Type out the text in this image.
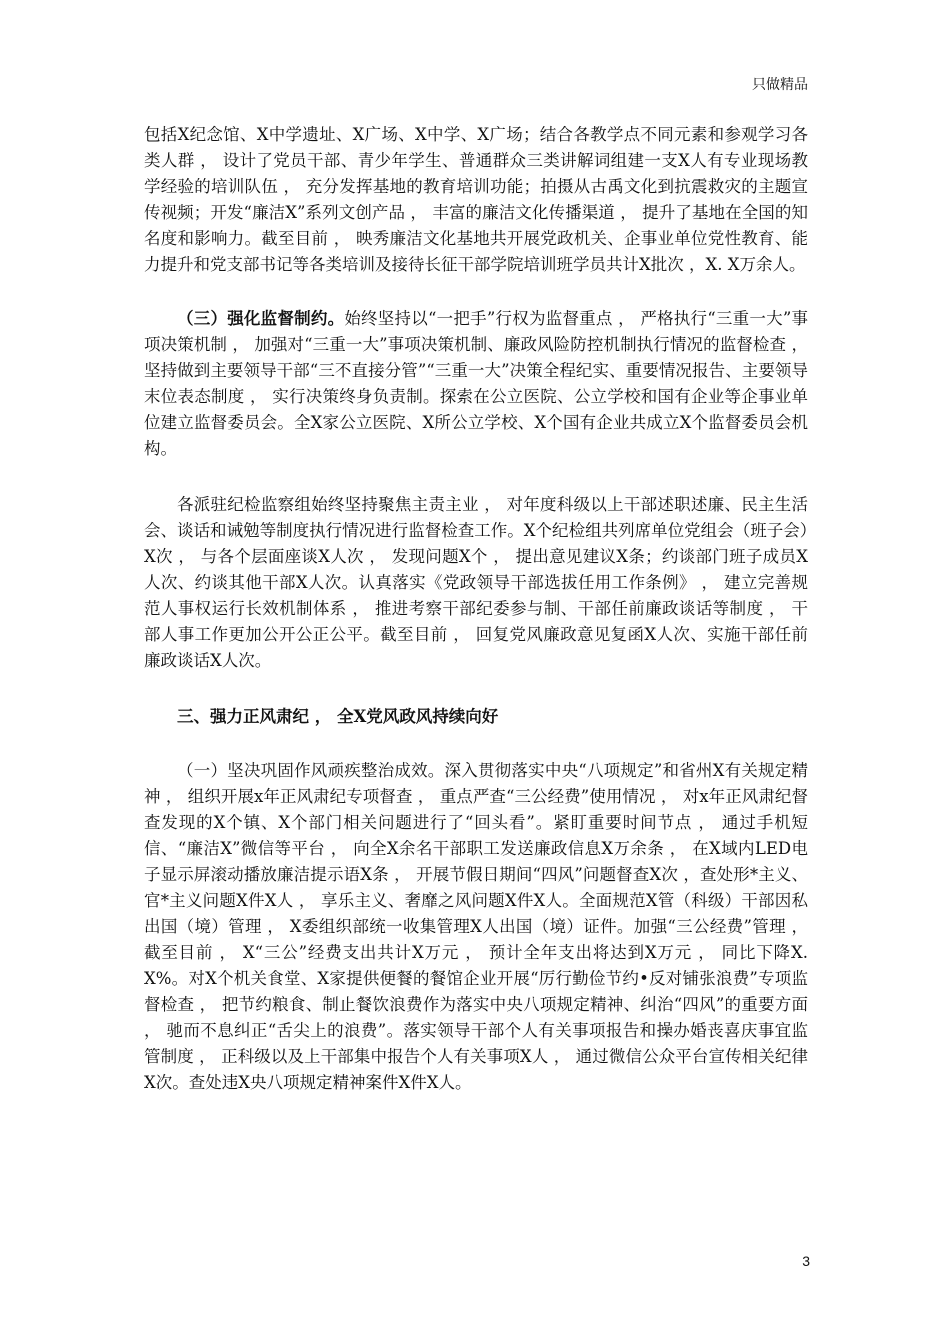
只做精品

包括X纪念馆、X中学遗址、X广场、X中学、X广场；结合各教学点不同元素和参观学习各类人群 ， 设计了党员干部、青少年学生、普通群众三类讲解词组建一支X人有专业现场教学经验的培训队伍 ， 充分发挥基地的教育培训功能；拍摄从古禹文化到抗震救灾的主题宣传视频；开发“廉洁X”系列文创产品 ， 丰富的廉洁文化传播渠道 ， 提升了基地在全国的知名度和影响力。截至目前 ， 映秀廉洁文化基地共开展党政机关、企事业单位党性教育、能力提升和党支部书记等各类培训及接待长征干部学院培训班学员共计X批次 ，X. X万余人。

（三）强化监督制约。始终坚持以“一把手”行权为监督重点 ， 严格执行“三重一大”事项决策机制 ， 加强对“三重一大”事项决策机制、廉政风险防控机制执行情况的监督检查 ， 坚持做到主要领导干部“三不直接分管”“三重一大”决策全程纪实、重要情况报告、主要领导末位表态制度 ， 实行决策终身负责制。探索在公立医院、公立学校和国有企业等企事业单位建立监督委员会。全X家公立医院、X所公立学校、X个国有企业共成立X个监督委员会机构。

各派驻纪检监察组始终坚持聚焦主责主业 ， 对年度科级以上干部述职述廉、民主生活会、谈话和诫勉等制度执行情况进行监督检查工作。X个纪检组共列席单位党组会（班子会）X次 ， 与各个层面座谈X人次 ， 发现问题X个 ， 提出意见建议X条；约谈部门班子成员X人次、约谈其他干部X人次。认真落实《党政领导干部选拔任用工作条例》 ， 建立完善规范人事权运行长效机制体系 ， 推进考察干部纪委参与制、干部任前廉政谈话等制度 ， 干部人事工作更加公开公正公平。截至目前 ， 回复党风廉政意见复函X人次、实施干部任前廉政谈话X人次。

三、强力正风肃纪 ， 全X党风政风持续向好

（一）坚决巩固作风顽疾整治成效。深入贯彻落实中央“八项规定”和省州X有关规定精神 ， 组织开展x年正风肃纪专项督查 ， 重点严查“三公经费”使用情况 ， 对x年正风肃纪督查发现的X个镇、X个部门相关问题进行了“回头看”。紧盯重要时间节点 ， 通过手机短信、“廉洁X”微信等平台 ， 向全X余名干部职工发送廉政信息X万余条 ， 在X域内LED电子显示屏滚动播放廉洁提示语X条 ， 开展节假日期间“四风”问题督查X次 ，查处形*主义、官*主义问题X件X人 ， 享乐主义、奢靡之风问题X件X人。全面规范X管（科级）干部因私出国（境）管理 ， X委组织部统一收集管理X人出国（境）证件。加强“三公经费”管理 ， 截至目前 ， X“三公”经费支出共计X万元 ， 预计全年支出将达到X万元 ， 同比下降X. X%。对X个机关食堂、X家提供便餐的餐馆企业开展“厉行勤俭节约•反对铺张浪费”专项监督检查 ， 把节约粮食、制止餐饮浪费作为落实中央八项规定精神、纠治“四风”的重要方面 ， 驰而不息纠正“舌尖上的浪费”。落实领导干部个人有关事项报告和操办婚丧喜庆事宜监管制度 ， 正科级以及上干部集中报告个人有关事项X人 ， 通过微信公众平台宣传相关纪律X次。查处违X央八项规定精神案件X件X人。

3
